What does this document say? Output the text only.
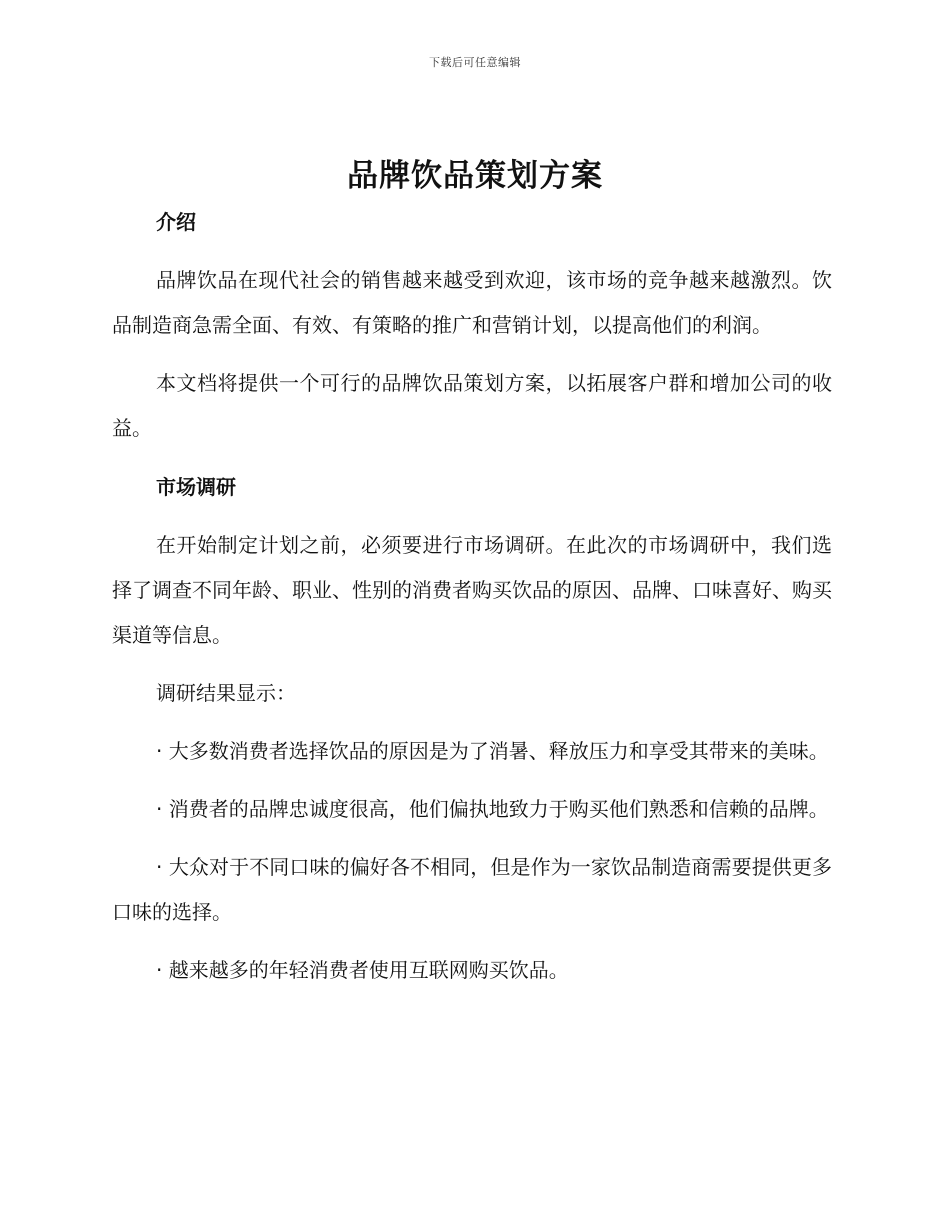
下载后可任意编辑
品牌饮品策划方案
介绍

品牌饮品在现代社会的销售越来越受到欢迎，该市场的竞争越来越激烈。饮品制造商急需全面、有效、有策略的推广和营销计划，以提高他们的利润。

本文档将提供一个可行的品牌饮品策划方案，以拓展客户群和增加公司的收益。

市场调研

在开始制定计划之前，必须要进行市场调研。在此次的市场调研中，我们选择了调查不同年龄、职业、性别的消费者购买饮品的原因、品牌、口味喜好、购买渠道等信息。

调研结果显示：

· 大多数消费者选择饮品的原因是为了消暑、释放压力和享受其带来的美味。

· 消费者的品牌忠诚度很高，他们偏执地致力于购买他们熟悉和信赖的品牌。

· 大众对于不同口味的偏好各不相同，但是作为一家饮品制造商需要提供更多口味的选择。

· 越来越多的年轻消费者使用互联网购买饮品。
